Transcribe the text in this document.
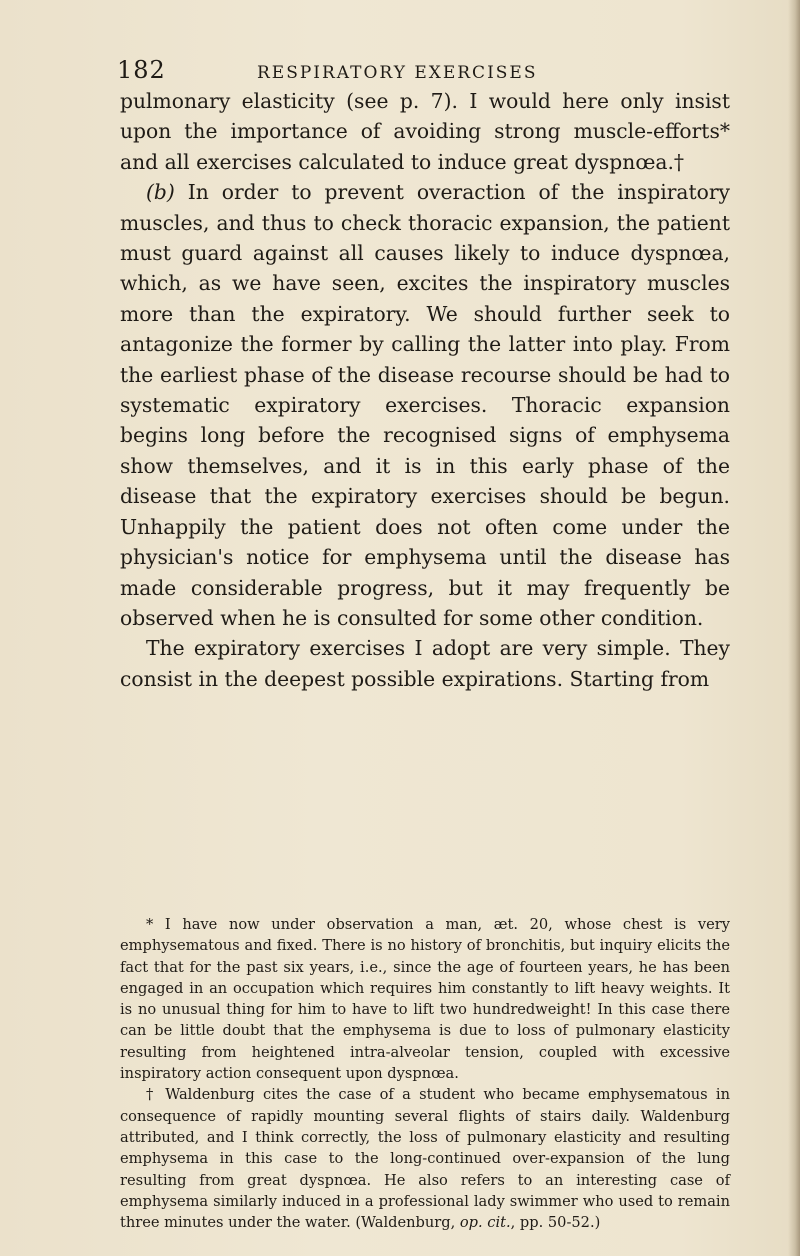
182	RESPIRATORY EXERCISES

pulmonary elasticity (see p. 7). I would here only insist upon the importance of avoiding strong muscle-efforts* and all exercises calculated to induce great dyspnœa.†

(b) In order to prevent overaction of the inspiratory muscles, and thus to check thoracic expansion, the patient must guard against all causes likely to induce dyspnœa, which, as we have seen, excites the inspiratory muscles more than the expiratory. We should further seek to antagonize the former by calling the latter into play. From the earliest phase of the disease recourse should be had to systematic expiratory exercises. Thoracic expansion begins long before the recognised signs of emphysema show themselves, and it is in this early phase of the disease that the expiratory exercises should be begun. Unhappily the patient does not often come under the physician's notice for emphysema until the disease has made considerable progress, but it may frequently be observed when he is consulted for some other condition.

The expiratory exercises I adopt are very simple. They consist in the deepest possible expirations. Starting from

* I have now under observation a man, æt. 20, whose chest is very emphysematous and fixed. There is no history of bronchitis, but inquiry elicits the fact that for the past six years, i.e., since the age of fourteen years, he has been engaged in an occupation which requires him constantly to lift heavy weights. It is no unusual thing for him to have to lift two hundredweight! In this case there can be little doubt that the emphysema is due to loss of pulmonary elasticity resulting from heightened intra-alveolar tension, coupled with excessive inspiratory action consequent upon dyspnœa.

† Waldenburg cites the case of a student who became emphysematous in consequence of rapidly mounting several flights of stairs daily. Waldenburg attributed, and I think correctly, the loss of pulmonary elasticity and resulting emphysema in this case to the long-continued over-expansion of the lung resulting from great dyspnœa. He also refers to an interesting case of emphysema similarly induced in a professional lady swimmer who used to remain three minutes under the water. (Waldenburg, op. cit., pp. 50-52.)
